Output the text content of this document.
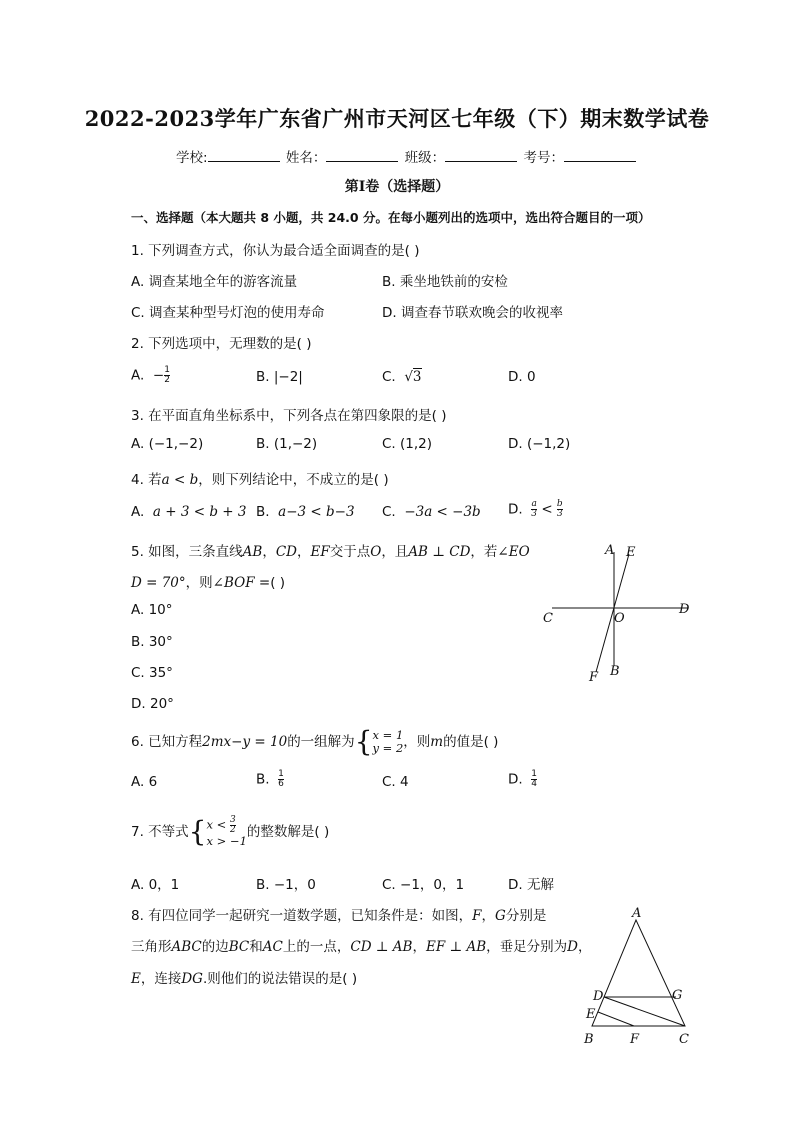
2022-2023学年广东省广州市天河区七年级（下）期末数学试卷
学校:	姓名：	班级：	考号：
第I卷（选择题）
一、选择题（本大题共 8 小题，共 24.0 分。在每小题列出的选项中，选出符合题目的一项）
1. 下列调查方式，你认为最合适全面调查的是( )
A. 调查某地全年的游客流量	B. 乘坐地铁前的安检
C. 调查某种型号灯泡的使用寿命	D. 调查春节联欢晚会的收视率
2. 下列选项中，无理数的是( )
A. − $\frac{1}{2}$	B. |−2|	C. √3	D. 0
3. 在平面直角坐标系中，下列各点在第四象限的是( )
A. (−1,−2)	B. (1,−2)	C. (1,2)	D. (−1,2)
4. 若a < b，则下列结论中，不成立的是( )
A. a + 3 < b + 3 B. a−3 < b−3 C. −3a < −3b D. $\frac{a}{3} < \frac{b}{3}$
5. 如图，三条直线AB，CD，EF交于点O，且AB ⊥ CD，若∠EO
D = 70°，则∠BOF =( )
A. 10°
B. 30°
C. 35°
D. 20°
A E
C	O
D
F B
6. 已知方程2mx−y = 10的一组解为{ x = 1
y = 2 ，则m的值是( )
A. 6	B. $\frac{1}{6}$	C. 4	D. $\frac{1}{4}$
7. 不等式{ $x < \frac{3}{2}$
x > −1
的整数解是( )
A. 0，1	B. −1，0	C. −1，0，1	D. 无解
8. 有四位同学一起研究一道数学题，已知条件是：如图，F，G分别是
三角形ABC的边BC和AC上的一点，CD ⊥ AB，EF ⊥ AB，垂足分别为D，
E，连接DG.则他们的说法错误的是( )
A
D	G
E
B	F	C
